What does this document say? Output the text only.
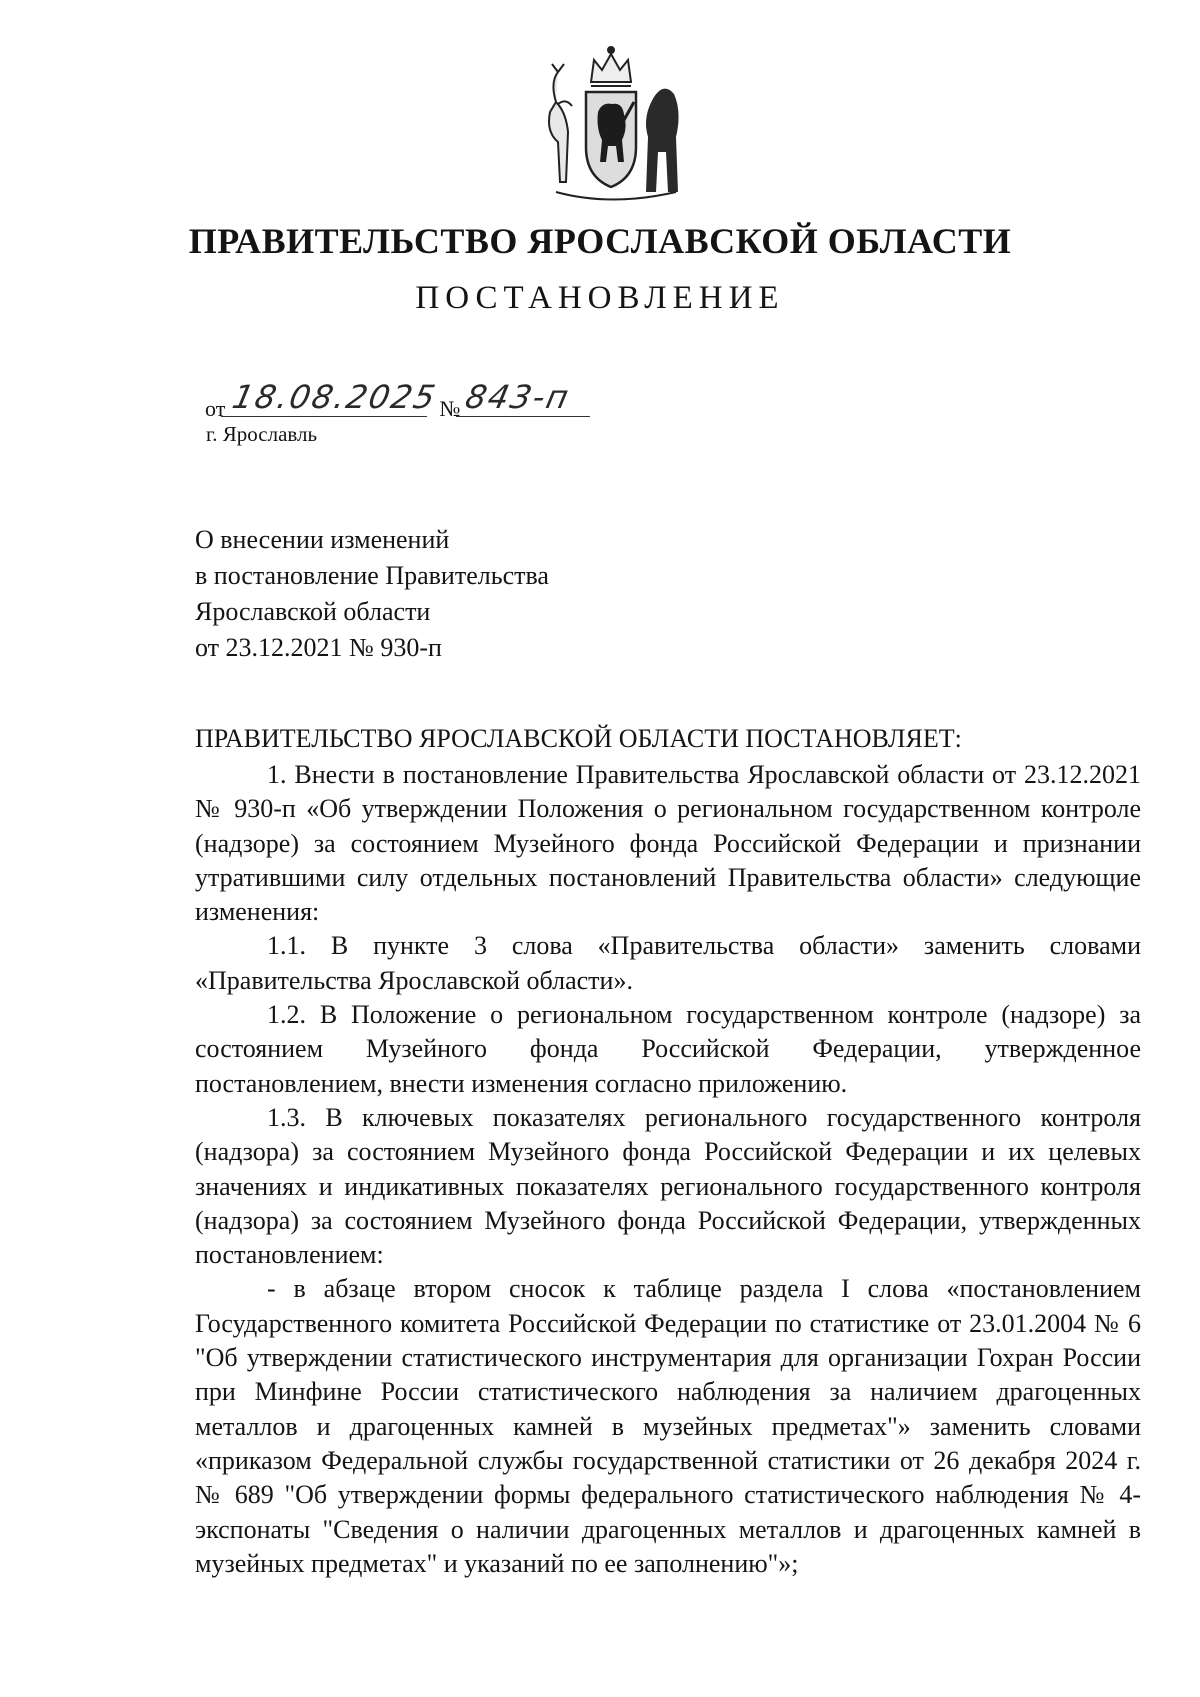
ПРАВИТЕЛЬСТВО ЯРОСЛАВСКОЙ ОБЛАСТИ
ПОСТАНОВЛЕНИЕ
от 18.08.2025№843-п
г. Ярославль
О внесении изменений
в постановление Правительства
Ярославской области
от 23.12.2021 № 930-п
ПРАВИТЕЛЬСТВО ЯРОСЛАВСКОЙ ОБЛАСТИ ПОСТАНОВЛЯЕТ:

1. Внести в постановление Правительства Ярославской области от 23.12.2021 № 930-п «Об утверждении Положения о региональном государственном контроле (надзоре) за состоянием Музейного фонда Российской Федерации и признании утратившими силу отдельных постановлений Правительства области» следующие изменения:

1.1. В пункте 3 слова «Правительства области» заменить словами «Правительства Ярославской области».

1.2. В Положение о региональном государственном контроле (надзоре) за состоянием Музейного фонда Российской Федерации, утвержденное постановлением, внести изменения согласно приложению.

1.3. В ключевых показателях регионального государственного контроля (надзора) за состоянием Музейного фонда Российской Федерации и их целевых значениях и индикативных показателях регионального государственного контроля (надзора) за состоянием Музейного фонда Российской Федерации, утвержденных постановлением:

- в абзаце втором сносок к таблице раздела I слова «постановлением Государственного комитета Российской Федерации по статистике от 23.01.2004 № 6 "Об утверждении статистического инструментария для организации Гохран России при Минфине России статистического наблюдения за наличием драгоценных металлов и драгоценных камней в музейных предметах"» заменить словами «приказом Федеральной службы государственной статистики от 26 декабря 2024 г. № 689 "Об утверждении формы федерального статистического наблюдения № 4-экспонаты "Сведения о наличии драгоценных металлов и драгоценных камней в музейных предметах" и указаний по ее заполнению"»;
